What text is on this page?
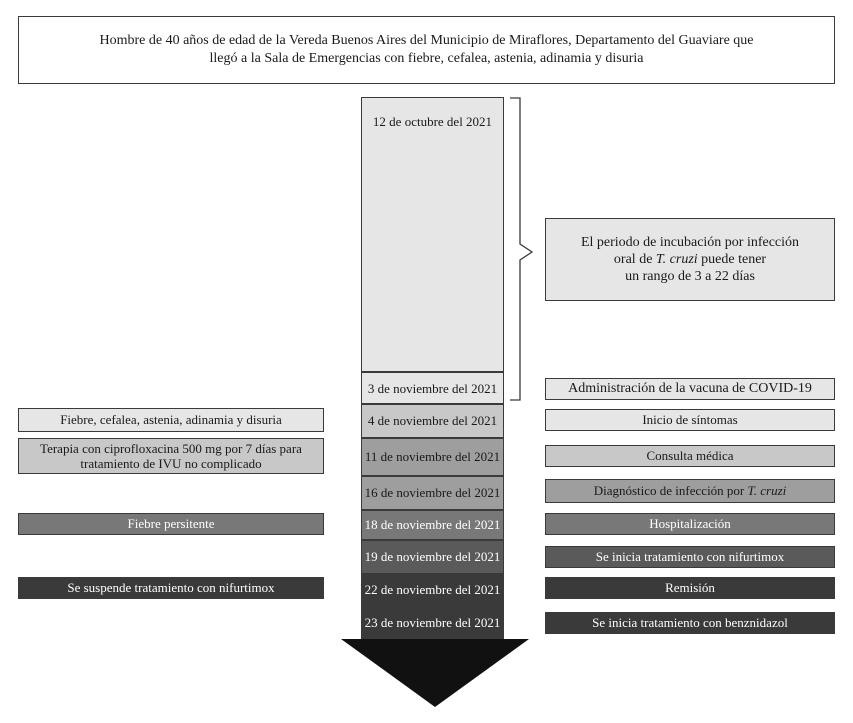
Hombre de 40 años de edad de la Vereda Buenos Aires del Municipio de Miraflores, Departamento del Guaviare que
llegó a la Sala de Emergencias con fiebre, cefalea, astenia, adinamia y disuria
12 de octubre del 2021
3 de noviembre del 2021
4 de noviembre del 2021
11 de noviembre del 2021
16 de noviembre del 2021
18 de noviembre del 2021
19 de noviembre del 2021
22 de noviembre del 2021
23 de noviembre del 2021
El periodo de incubación por infección
oral de T. cruzi puede tener
un rango de 3 a 22 días
Fiebre, cefalea, astenia, adinamia y disuria
Terapia con ciprofloxacina 500 mg por 7 días para
tratamiento de IVU no complicado
Fiebre persitente
Se suspende tratamiento con nifurtimox
Administración de la vacuna de COVID-19
Inicio de síntomas
Consulta médica
Diagnóstico de infección por T. cruzi
Hospitalización
Se inicia tratamiento con nifurtimox
Remisión
Se inicia tratamiento con benznidazol
